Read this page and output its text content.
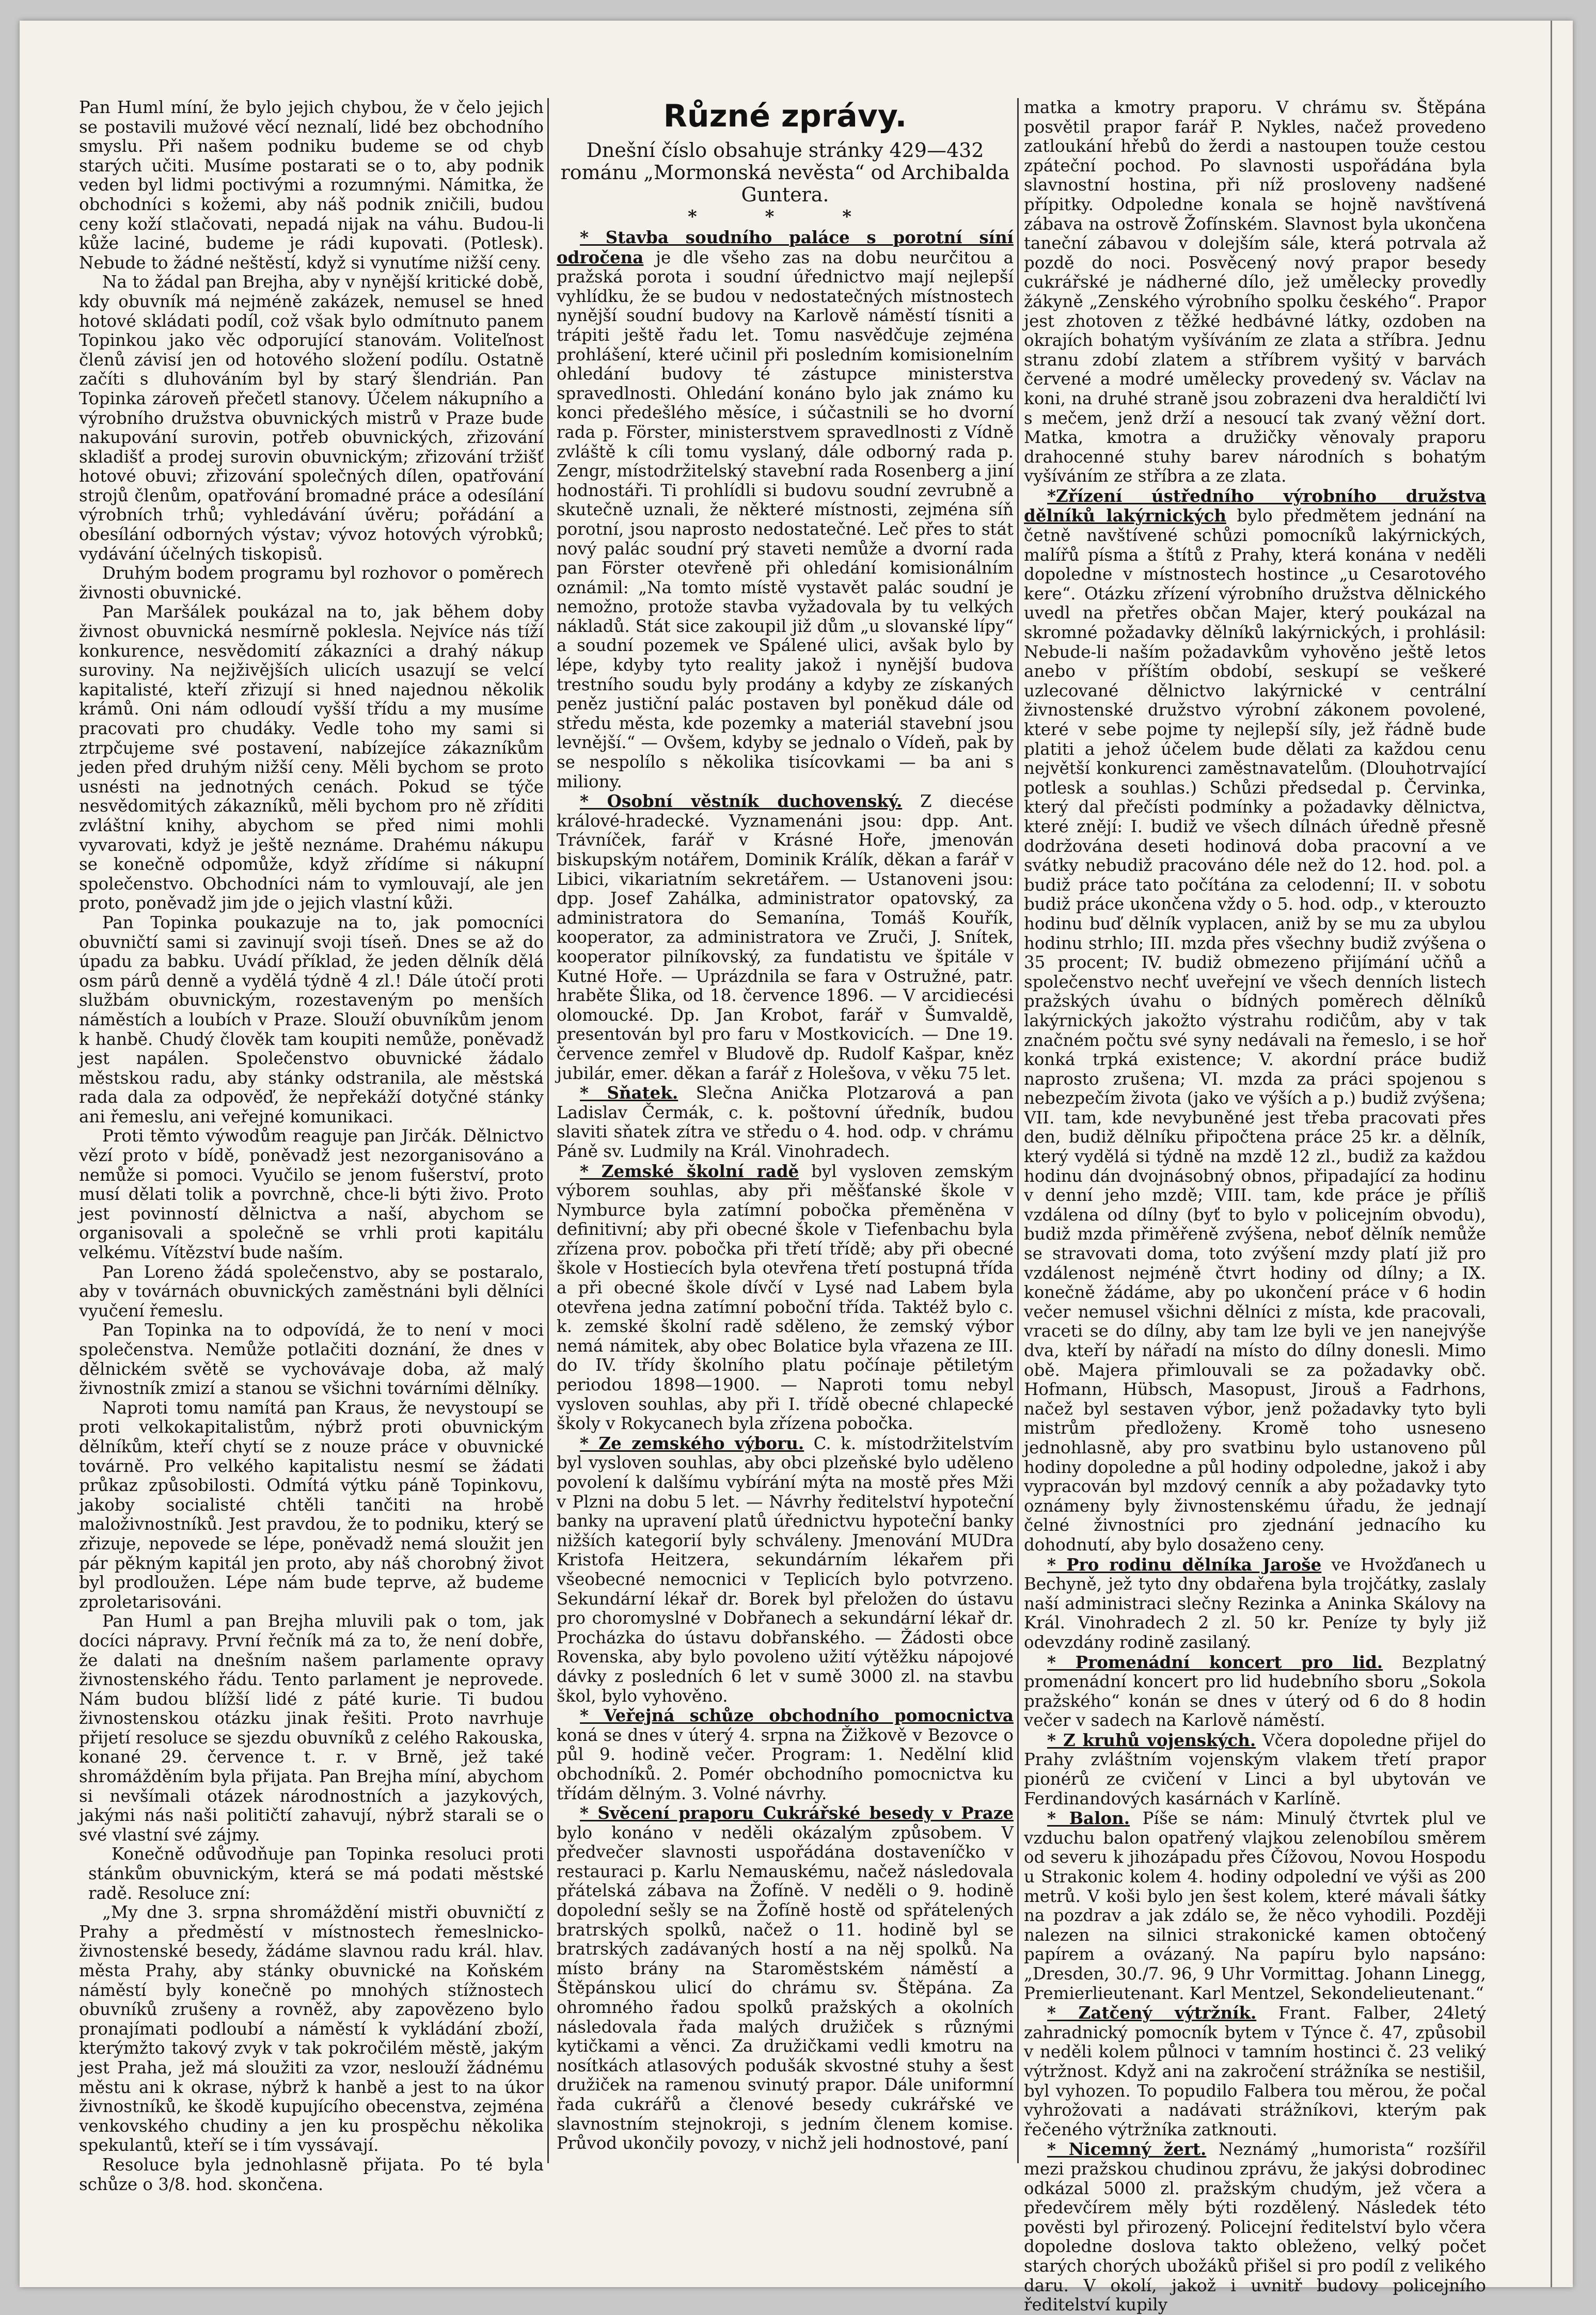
Pan Huml míní, že bylo jejich chybou, že v čelo jejich se postavili mužové věcí neznalí, lidé bez obchodního smyslu. Při našem podniku budeme se od chyb starých učiti. Musíme postarati se o to, aby podnik veden byl lidmi poctivými a rozumnými. Námitka, že obchodníci s kožemi, aby náš podnik zničili, budou ceny koží stlačovati, nepadá nijak na váhu. Budou-li kůže laciné, budeme je rádi kupovati. (Potlesk). Nebude to žádné neštěstí, když si vynutíme nižší ceny.

Na to žádal pan Brejha, aby v nynější kritické době, kdy obuvník má nejméně zakázek, nemusel se hned hotové skládati podíl, což však bylo odmítnuto panem Topinkou jako věc odporující stanovám. Voliteľnost členů závisí jen od hotového složení podílu. Ostatně začíti s dluhováním byl by starý šlendrián. Pan Topinka zároveň přečetl stanovy. Účelem nákupního a výrobního družstva obuvnických mistrů v Praze bude nakupování surovin, potřeb obuvnických, zřizování skladišť a prodej surovin obuvnickým; zřizování tržišť hotové obuvi; zřizování společných dílen, opatřování strojů členům, opatřování bromadné práce a odesílání výrobních trhů; vyhledávání úvěru; pořádání a obesílání odborných výstav; vývoz hotových výrobků; vydávání účelných tiskopisů.

Druhým bodem programu byl rozhovor o poměrech živnosti obuvnické.

Pan Maršálek poukázal na to, jak během doby živnost obuvnická nesmírně poklesla. Nejvíce nás tíží konkurence, nesvědomití zákazníci a drahý nákup suroviny. Na nejživějších ulicích usazují se velcí kapitalisté, kteří zřizují si hned najednou několik krámů. Oni nám odloudí vyšší třídu a my musíme pracovati pro chudáky. Vedle toho my sami si ztrpčujeme své postavení, nabízejíce zákazníkům jeden před druhým nižší ceny. Měli bychom se proto usnésti na jednotných cenách. Pokud se týče nesvědomitých zákazníků, měli bychom pro ně zříditi zvláštní knihy, abychom se před nimi mohli vyvarovati, když je ještě neznáme. Drahému nákupu se konečně odpomůže, když zřídíme si nákupní společenstvo. Obchodníci nám to vymlouvají, ale jen proto, poněvadž jim jde o jejich vlastní kůži.

Pan Topinka poukazuje na to, jak pomocníci obuvničtí sami si zavinují svoji tíseň. Dnes se až do úpadu za babku. Uvádí příklad, že jeden dělník dělá osm párů denně a vydělá týdně 4 zl.! Dále útočí proti službám obuvnickým, rozestaveným po menších náměstích a loubích v Praze. Slouží obuvníkům jenom k hanbě. Chudý člověk tam koupiti nemůže, poněvadž jest napálen. Společenstvo obuvnické žádalo městskou radu, aby stánky odstranila, ale městská rada dala za odpověď, že nepřekáží dotyčné stánky ani řemeslu, ani veřejné komunikaci.

Proti těmto výwodům reaguje pan Jirčák. Dělnictvo vězí proto v bídě, poněvadž jest nezorganisováno a nemůže si pomoci. Vyučilo se jenom fušerství, proto musí dělati tolik a povrchně, chce-li býti živo. Proto jest povinností dělnictva a naší, abychom se organisovali a společně se vrhli proti kapitálu velkému. Vítězství bude naším.

Pan Loreno žádá společenstvo, aby se postaralo, aby v továrnách obuvnických zaměstnáni byli dělníci vyučení řemeslu.

Pan Topinka na to odpovídá, že to není v moci společenstva. Nemůže potlačiti doznání, že dnes v dělnickém světě se vychovávaje doba, až malý živnostník zmizí a stanou se všichni továrními dělníky.

Naproti tomu namítá pan Kraus, že nevystoupí se proti velkokapitalistům, nýbrž proti obuvnickým dělníkům, kteří chytí se z nouze práce v obuvnické továrně. Pro velkého kapitalistu nesmí se žádati průkaz způsobilosti. Odmítá výtku páně Topinkovu, jakoby socialisté chtěli tančiti na hrobě maloživnostníků. Jest pravdou, že to podniku, který se zřizuje, nepovede se lépe, poněvadž nemá sloužit jen pár pěkným kapitál jen proto, aby náš chorobný život byl prodloužen. Lépe nám bude teprve, až budeme zproletarisováni.

Pan Huml a pan Brejha mluvili pak o tom, jak docíci nápravy. První řečník má za to, že není dobře, že dalati na dnešním našem parlamente opravy živnostenského řádu. Tento parlament je neprovede. Nám budou blížší lidé z páté kurie. Ti budou živnostenskou otázku jinak řešiti. Proto navrhuje přijetí resoluce se sjezdu obuvníků z celého Rakouska, konané 29. července t. r. v Brně, jež také shromážděním byla přijata. Pan Brejha míní, abychom si nevšímali otázek národnostních a jazykových, jakými nás naši političtí zahavují, nýbrž starali se o své vlastní své zájmy.

Konečně odůvodňuje pan Topinka resoluci proti stánkům obuvnickým, která se má podati městské radě. Resoluce zní:

„My dne 3. srpna shromáždění mistři obuvničtí z Prahy a předměstí v místnostech řemeslnicko-živnostenské besedy, žádáme slavnou radu král. hlav. města Prahy, aby stánky obuvnické na Koňském náměstí byly konečně po mnohých stížnostech obuvníků zrušeny a rovněž, aby zapovězeno bylo pronajímati podloubí a náměstí k vykládání zboží, kterýmžto takový zvyk v tak pokročilém městě, jakým jest Praha, jež má sloužiti za vzor, neslouží žádnému městu ani k okrase, nýbrž k hanbě a jest to na úkor živnostníků, ke škodě kupujícího obecenstva, zejména venkovského chudiny a jen ku prospěchu několika spekulantů, kteří se i tím vyssávají.

Resoluce byla jednohlasně přijata. Po té byla schůze o 3/8. hod. skončena.

Různé zprávy.

Dnešní číslo obsahuje stránky 429—432 románu „Mormonská nevěsta“ od Archibalda Guntera.

* * *

* Stavba soudního paláce s porotní síní odročena je dle všeho zas na dobu neurčitou a pražská porota i soudní úřednictvo mají nejlepší vyhlídku, že se budou v nedostatečných místnostech nynější soudní budovy na Karlově náměstí tísniti a trápiti ještě řadu let. Tomu nasvědčuje zejména prohlášení, které učinil při posledním komisionelním ohledání budovy té zástupce ministerstva spravedlnosti. Ohledání konáno bylo jak známo ku konci předešlého měsíce, i súčastnili se ho dvorní rada p. Förster, ministerstvem spravedlnosti z Vídně zvláště k cíli tomu vyslaný, dále odborný rada p. Zengr, místodržitelský stavební rada Rosenberg a jiní hodnostáři. Ti prohlídli si budovu soudní zevrubně a skutečně uznali, že některé místnosti, zejména síň porotní, jsou naprosto nedostatečné. Leč přes to stát nový palác soudní prý staveti nemůže a dvorní rada pan Förster otevřeně při ohledání komisionálním oznámil: „Na tomto místě vystavět palác soudní je nemožno, protože stavba vyžadovala by tu velkých nákladů. Stát sice zakoupil již dům „u slovanské lípy“ a soudní pozemek ve Spálené ulici, avšak bylo by lépe, kdyby tyto reality jakož i nynější budova trestního soudu byly prodány a kdyby ze získaných peněz justiční palác postaven byl poněkud dále od středu města, kde pozemky a materiál stavební jsou levnější.“ — Ovšem, kdyby se jednalo o Vídeň, pak by se nespolílo s několika tisícovkami — ba ani s miliony.

* Osobní věstník duchovenský. Z diecése králové-hradecké. Vyznamenáni jsou: dpp. Ant. Trávníček, farář v Krásné Hoře, jmenován biskupským notářem, Dominik Králík, děkan a farář v Libici, vikariatním sekretářem. — Ustanoveni jsou: dpp. Josef Zahálka, administrator opatovský, za administratora do Semanína, Tomáš Kouřík, kooperator, za administratora ve Zruči, J. Snítek, kooperator pilníkovský, za fundatistu ve špitále v Kutné Hoře. — Uprázdnila se fara v Ostružné, patr. hraběte Šlika, od 18. července 1896. — V arcidiecési olomoucké. Dp. Jan Krobot, farář v Šumvaldě, presentován byl pro faru v Mostkovicích. — Dne 19. července zemřel v Bludově dp. Rudolf Kašpar, kněz jubilár, emer. děkan a farář z Holešova, v věku 75 let.

* Sňatek. Slečna Anička Plotzarová a pan Ladislav Čermák, c. k. poštovní úředník, budou slaviti sňatek zítra ve středu o 4. hod. odp. v chrámu Páně sv. Ludmily na Král. Vinohradech.

* Zemské školní radě byl vysloven zemským výborem souhlas, aby při měšťanské škole v Nymburce byla zatímní pobočka přeměněna v definitivní; aby při obecné škole v Tiefenbachu byla zřízena prov. pobočka při třetí třídě; aby při obecné škole v Hostiecích byla otevřena třetí postupná třída a při obecné škole dívčí v Lysé nad Labem byla otevřena jedna zatímní poboční třída. Taktéž bylo c. k. zemské školní radě sděleno, že zemský výbor nemá námitek, aby obec Bolatice byla vřazena ze III. do IV. třídy školního platu počínaje pětiletým periodou 1898—1900. — Naproti tomu nebyl vysloven souhlas, aby při I. třídě obecné chlapecké školy v Rokycanech byla zřízena pobočka.

* Ze zemského výboru. C. k. místodržitelstvím byl vysloven souhlas, aby obci plzeňské bylo uděleno povolení k dalšímu vybírání mýta na mostě přes Mži v Plzni na dobu 5 let. — Návrhy ředitelství hypoteční banky na upravení platů úřednictvu hypoteční banky nižších kategorií byly schváleny. Jmenování MUDra Kristofa Heitzera, sekundárním lékařem při všeobecné nemocnici v Teplicích bylo potvrzeno. Sekundární lékař dr. Borek byl přeložen do ústavu pro choromyslné v Dobřanech a sekundární lékař dr. Procházka do ústavu dobřanského. — Žádosti obce Rovenska, aby bylo povoleno užití výtěžku nápojové dávky z posledních 6 let v sumě 3000 zl. na stavbu škol, bylo vyhověno.

* Veřejná schůze obchodního pomocnictva koná se dnes v úterý 4. srpna na Žižkově v Bezovce o půl 9. hodině večer. Program: 1. Nedělní klid obchodníků. 2. Pomér obchodního pomocnictva ku třídám dělným. 3. Volné návrhy.

* Svěcení praporu Cukrářské besedy v Praze bylo konáno v neděli okázalým způsobem. V předvečer slavnosti uspořádána dostaveníčko v restauraci p. Karlu Nemauskému, načež následovala přátelská zábava na Žofíně. V neděli o 9. hodině dopolední sešly se na Žofíně hostě od spřátelených bratrských spolků, načež o 11. hodině byl se bratrských zadávaných hostí a na něj spolků. Na místo brány na Staroměstském náměstí a Štěpánskou ulicí do chrámu sv. Štěpána. Za ohromného řadou spolků pražských a okolních následovala řada malých družiček s různými kytičkami a věnci. Za družičkami vedli kmotru na nosítkách atlasových podušák skvostné stuhy a šest družiček na ramenou svinutý prapor. Dále uniformní řada cukrářů a členové besedy cukrářské ve slavnostním stejnokroji, s jedním členem komise. Průvod ukončily povozy, v nichž jeli hodnostové, paní

matka a kmotry praporu. V chrámu sv. Štěpána posvětil prapor farář P. Nykles, načež provedeno zatloukání hřebů do žerdi a nastoupen touže cestou zpáteční pochod. Po slavnosti uspořádána byla slavnostní hostina, při níž prosloveny nadšené přípitky. Odpoledne konala se hojně navštívená zábava na ostrově Žofínském. Slavnost byla ukončena taneční zábavou v dolejším sále, která potrvala až pozdě do noci. Posvěcený nový prapor besedy cukrářské je nádherné dílo, jež umělecky provedly žákyně „Zenského výrobního spolku českého“. Prapor jest zhotoven z těžké hedbávné látky, ozdoben na okrajích bohatým vyšíváním ze zlata a stříbra. Jednu stranu zdobí zlatem a stříbrem vyšitý v barvách červené a modré umělecky provedený sv. Václav na koni, na druhé straně jsou zobrazeni dva heraldičtí lvi s mečem, jenž drží a nesoucí tak zvaný věžní dort. Matka, kmotra a družičky věnovaly praporu drahocenné stuhy barev národních s bohatým vyšíváním ze stříbra a ze zlata.

*Zřízení ústředního výrobního družstva dělníků lakýrnických bylo předmětem jednání na četně navštívené schůzi pomocníků lakýrnických, malířů písma a štítů z Prahy, která konána v neděli dopoledne v místnostech hostince „u Cesarotového kere“. Otázku zřízení výrobního družstva dělnického uvedl na přetřes občan Majer, který poukázal na skromné požadavky dělníků lakýrnických, i prohlásil: Nebude-li naším požadavkům vyhověno ještě letos anebo v příštím období, seskupí se veškeré uzlecované dělnictvo lakýrnické v centrální živnostenské družstvo výrobní zákonem povolené, které v sebe pojme ty nejlepší síly, jež řádně bude platiti a jehož účelem bude dělati za každou cenu největší konkurenci zaměstnavatelům. (Dlouhotrvající potlesk a souhlas.) Schůzi předsedal p. Červinka, který dal přečísti podmínky a požadavky dělnictva, které znějí: I. budiž ve všech dílnách úředně přesně dodržována deseti hodinová doba pracovní a ve svátky nebudiž pracováno déle než do 12. hod. pol. a budiž práce tato počítána za celodenní; II. v sobotu budiž práce ukončena vždy o 5. hod. odp., v kterouzto hodinu buď dělník vyplacen, aniž by se mu za ubylou hodinu strhlo; III. mzda přes všechny budiž zvýšena o 35 procent; IV. budiž obmezeno přijímání učňů a společenstvo nechť uveřejní ve všech denních listech pražských úvahu o bídných poměrech dělníků lakýrnických jakožto výstrahu rodičům, aby v tak značném počtu své syny nedávali na řemeslo, i se hoř konká trpká existence; V. akordní práce budiž naprosto zrušena; VI. mzda za práci spojenou s nebezpečím života (jako ve výších a p.) budiž zvýšena; VII. tam, kde nevybuněné jest třeba pracovati přes den, budiž dělníku připočtena práce 25 kr. a dělník, který vydělá si týdně na mzdě 12 zl., budiž za každou hodinu dán dvojnásobný obnos, připadající za hodinu v denní jeho mzdě; VIII. tam, kde práce je příliš vzdálena od dílny (byť to bylo v policejním obvodu), budiž mzda přiměřeně zvýšena, neboť dělník nemůže se stravovati doma, toto zvýšení mzdy platí již pro vzdálenost nejméně čtvrt hodiny od dílny; a IX. konečně žádáme, aby po ukončení práce v 6 hodin večer nemusel všichni dělníci z místa, kde pracovali, vraceti se do dílny, aby tam lze byli ve jen nanejvýše dva, kteří by nářadí na místo do dílny donesli. Mimo obě. Majera přimlouvali se za požadavky obč. Hofmann, Hübsch, Masopust, Jirouš a Fadrhons, načež byl sestaven výbor, jenž požadavky tyto byli mistrům předloženy. Kromě toho usneseno jednohlasně, aby pro svatbinu bylo ustanoveno půl hodiny dopoledne a půl hodiny odpoledne, jakož i aby vypracován byl mzdový cenník a aby požadavky tyto oznámeny byly živnostenskému úřadu, že jednají čelné živnostníci pro zjednání jednacího ku dohodnutí, aby bylo dosaženo ceny.

* Pro rodinu dělníka Jaroše ve Hvožďanech u Bechyně, jež tyto dny obdařena byla trojčátky, zaslaly naší administraci slečny Rezinka a Aninka Skálovy na Král. Vinohradech 2 zl. 50 kr. Peníze ty byly již odevzdány rodině zasilaný.

* Promenádní koncert pro lid. Bezplatný promenádní koncert pro lid hudebního sboru „Sokola pražského“ konán se dnes v úterý od 6 do 8 hodin večer v sadech na Karlově náměstí.

* Z kruhů vojenských. Včera dopoledne přijel do Prahy zvláštním vojenským vlakem třetí prapor pionérů ze cvičení v Linci a byl ubytován ve Ferdinandových kasárnách v Karlíně.

* Balon. Píše se nám: Minulý čtvrtek plul ve vzduchu balon opatřený vlajkou zelenobílou směrem od severu k jihozápadu přes Čížovou, Novou Hospodu u Strakonic kolem 4. hodiny odpolední ve výši as 200 metrů. V koši bylo jen šest kolem, které mávali šátky na pozdrav a jak zdálo se, že něco vyhodili. Později nalezen na silnici strakonické kamen obtočený papírem a ovázaný. Na papíru bylo napsáno: „Dresden, 30./7. 96, 9 Uhr Vormittag. Johann Linegg, Premierlieutenant. Karl Mentzel, Sekondelieutenant.“

* Zatčený výtržník. Frant. Falber, 24letý zahradnický pomocník bytem v Týnce č. 47, způsobil v neděli kolem půlnoci v tamním hostinci č. 23 veliký výtržnost. Když ani na zakročení strážníka se nestišil, byl vyhozen. To popudilo Falbera tou měrou, že počal vyhrožovati a nadávati strážníkovi, kterým pak řečeného výtržníka zatknouti.

* Nicemný žert. Neznámý „humorista“ rozšířil mezi pražskou chudinou zprávu, že jakýsi dobrodinec odkázal 5000 zl. pražským chudým, jež včera a předevčírem měly býti rozdělený. Následek této pověsti byl přirozený. Policejní ředitelství bylo včera dopoledne doslova takto obleženo, velký počet starých chorých ubožáků přišel si pro podíl z velikého daru. V okolí, jakož i uvnitř budovy policejního ředitelství kupily
